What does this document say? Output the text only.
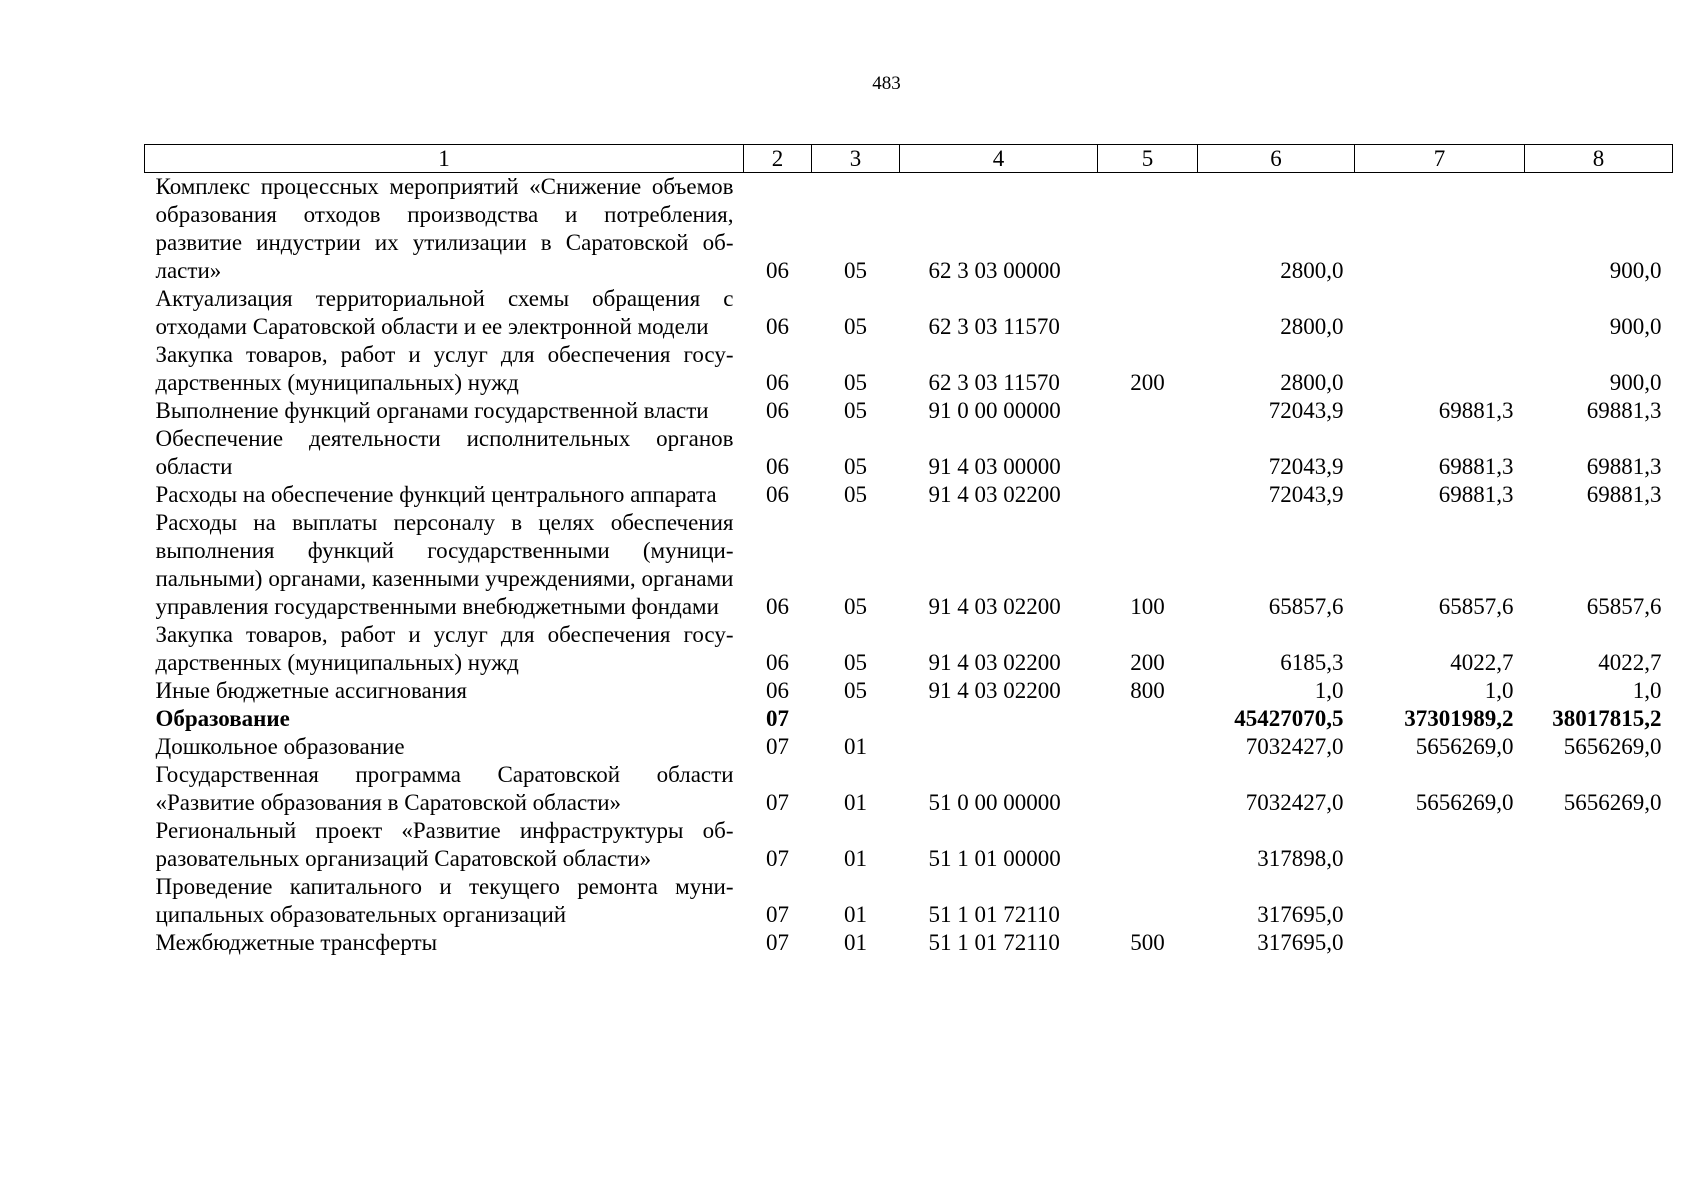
483
1	2	3	4	5	6	7	8
Комплекс процессных мероприятий «Снижение объемов образования отходов производства и потребления, развитие индустрии их утилизации в Саратовской области»	06	05	62 3 03 00000		2800,0		900,0
Актуализация территориальной схемы обращения с отходами Саратовской области и ее электронной модели	06	05	62 3 03 11570		2800,0		900,0
Закупка товаров, работ и услуг для обеспечения государственных (муниципальных) нужд	06	05	62 3 03 11570	200	2800,0		900,0
Выполнение функций органами государственной власти	06	05	91 0 00 00000		72043,9	69881,3	69881,3
Обеспечение деятельности исполнительных органов области	06	05	91 4 03 00000		72043,9	69881,3	69881,3
Расходы на обеспечение функций центрального аппарата	06	05	91 4 03 02200		72043,9	69881,3	69881,3
Расходы на выплаты персоналу в целях обеспечения выполнения функций государственными (муниципальными) органами, казенными учреждениями, органами управления государственными внебюджетными фондами	06	05	91 4 03 02200	100	65857,6	65857,6	65857,6
Закупка товаров, работ и услуг для обеспечения государственных (муниципальных) нужд	06	05	91 4 03 02200	200	6185,3	4022,7	4022,7
Иные бюджетные ассигнования	06	05	91 4 03 02200	800	1,0	1,0	1,0
Образование	07				45427070,5	37301989,2	38017815,2
Дошкольное образование	07	01			7032427,0	5656269,0	5656269,0
Государственная программа Саратовской области «Развитие образования в Саратовской области»	07	01	51 0 00 00000		7032427,0	5656269,0	5656269,0
Региональный проект «Развитие инфраструктуры образовательных организаций Саратовской области»	07	01	51 1 01 00000		317898,0		
Проведение капитального и текущего ремонта муниципальных образовательных организаций	07	01	51 1 01 72110		317695,0		
Межбюджетные трансферты	07	01	51 1 01 72110	500	317695,0		
